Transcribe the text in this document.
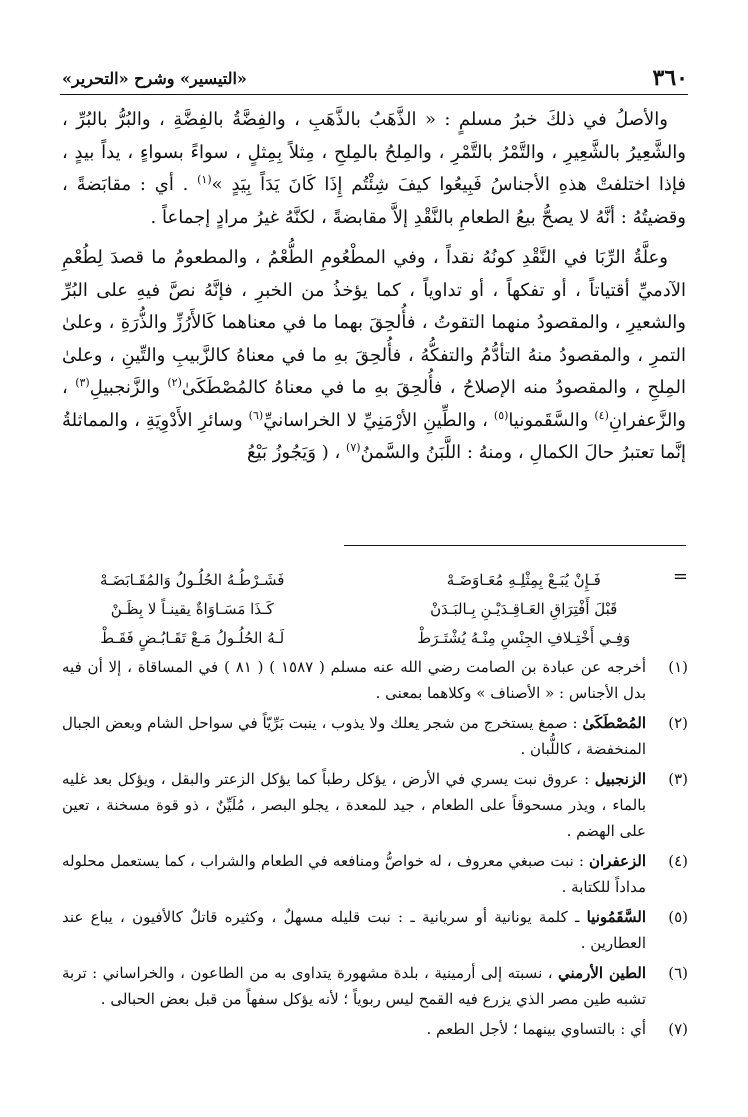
٣٦٠
«التيسير» وشرح «التحرير»

والأصلُ في ذلكَ خبرُ مسلمٍ : « الذَّهَبُ بالذَّهَبِ ، والفِضَّةُ بالفِضَّةِ ، والبُرُّ بالبُرِّ ، والشَّعِيرُ بالشَّعِيرِ ، والتَّمْرُ بالتَّمْرِ ، والمِلحُ بالمِلحِ ، مِثلاً بِمِثلٍ ، سواءً بسواءٍ ، يداً بيدٍ ، فإذا اختلفتْ هذهِ الأجناسُ فَبِيعُوا كيفَ شِئْتُم إِذَا كَانَ يَدَاً بِيَدٍ »$^{(١)}$ . أي : مقابَضةً ، وقضيتُهُ : أنَّهُ لا يصحُّ بيعُ الطعامِ بالنَّقْدِ إلاَّ مقابضةً ، لكنَّهُ غيرُ مرادٍ إجماعاً .

وعلَّةُ الرِّبَا في النَّقْدِ كونُهُ نقداً ، وفي المطْعُومِ الطُّعْمُ ، والمطعومُ ما قصدَ لِطُعْمِ الآدميِّ أقتياتاً ، أو تفكهاً ، أو تداوياً ، كما يؤخذُ من الخبرِ ، فإنَّهُ نصَّ فيهِ على البُرِّ والشعيرِ ، والمقصودُ منهما التقوتُ ، فأُلحِقَ بهما ما في معناهما كَالأَرُزِّ والذُّرَةِ ، وعلىٰ التمرِ ، والمقصودُ منهُ التأدُّمُ والتفكُّهُ ، فأُلحِقَ بهِ ما في معناهُ كالزَّبيبِ والتِّينِ ، وعلىٰ المِلحِ ، والمقصودُ منه الإصلاحُ ، فأُلحِقَ بهِ ما في معناهُ كالمُصْطَكَىٰ$^{(٢)}$ والزَّنجبيلِ$^{(٣)}$ ، والزَّعفرانِ$^{(٤)}$ والسَّقَمونيا$^{(٥)}$ ، والطِّينِ الأرْمَنِيِّ لا الخراسانيِّ$^{(٦)}$ وسائرِ الأَدْوِيَةِ ، والمماثلةُ إنَّما تعتبرُ حالَ الكمالِ ، ومنهُ : اللَّبَنُ والسَّمنُ$^{(٧)}$ ، ( وَيَجُوزُ بَيْعُ

=
فَـإِنْ يُبَـعْ بِمِثْلِـهِ مُعَـاوَضَـهْ
فَشَـرْطُـهُ الحُلُـولُ وَالمُقَـابَضَـهْ
قَبْلَ أَفْتِرَاقِ العَـاقِـدَيْـنِ بِـالبَـدَنْ
كَـذَا مَسَـاوَاةٌ يقينـاً لا بِظَـنْ
وَفِـي أَخْتِـلافِ الجِنْسِ مِنْـهُ يُشْتَـرَطْ
لَـهُ الحُلُـولُ مَـعْ تَقَـابُـضٍ فَقَـطْ
(١)
أخرجه عن عبادة بن الصامت رضي الله عنه مسلم ( ١٥٨٧ ) ( ٨١ ) في المساقاة ، إلا أن فيه بدل الأجناس : « الأصناف » وكلاهما بمعنى .
(٢)
المُصْطَكَىٰ : صمغ يستخرج من شجر يعلك ولا يذوب ، ينبت بَرِّيّاً في سواحل الشام وبعض الجبال المنخفضة ، كاللُّبان .
(٣)
الزنجبيل : عروق نبت يسري في الأرض ، يؤكل رطباً كما يؤكل الزعتر والبقل ، ويؤكل بعد غليه بالماء ، ويذر مسحوقاً على الطعام ، جيد للمعدة ، يجلو البصر ، مُلَيِّنٌ ، ذو قوة مسخنة ، تعين على الهضم .
(٤)
الزعفران : نبت صبغي معروف ، له خواصُّ ومنافعه في الطعام والشراب ، كما يستعمل محلوله مداداً للكتابة .
(٥)
السَّقَمُونيا ـ كلمة يونانية أو سريانية ـ : نبت قليله مسهلٌ ، وكثيره قاتلٌ كالأفيون ، يباع عند العطارين .
(٦)
الطين الأرمني ، نسبته إلى أرمينية ، بلدة مشهورة يتداوى به من الطاعون ، والخراساني : تربة تشبه طين مصر الذي يزرع فيه القمح ليس ربوياً ؛ لأنه يؤكل سفهاً من قبل بعض الحبالى .
(٧)
أي : بالتساوي بينهما ؛ لأجل الطعم .
